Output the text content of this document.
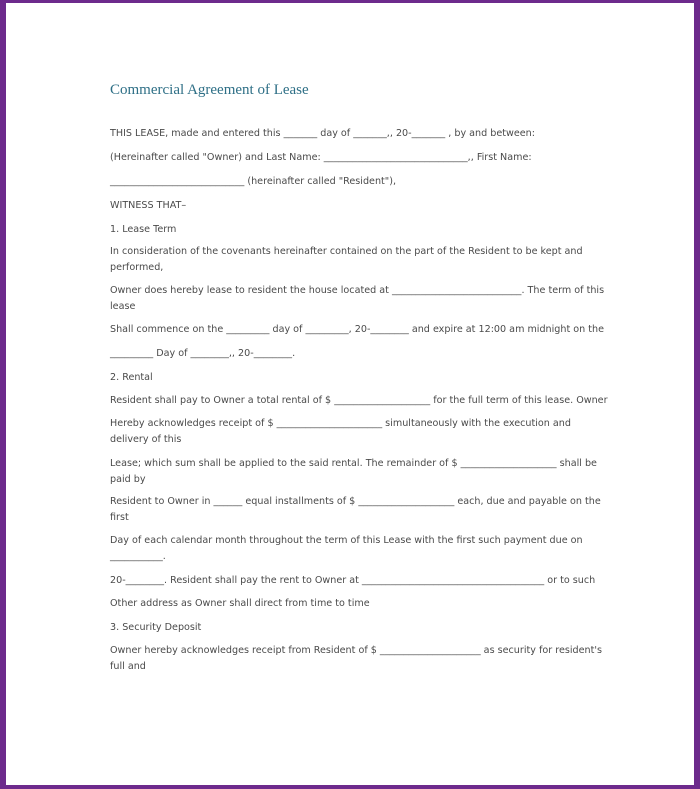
Commercial Agreement of Lease
THIS LEASE, made and entered this _______ day of _______,, 20-_______ , by and between:
(Hereinafter called "Owner) and Last Name: ______________________________,, First Name:
____________________________ (hereinafter called "Resident"),
WITNESS THAT–
1. Lease Term
In consideration of the covenants hereinafter contained on the part of the Resident to be kept and performed,
Owner does hereby lease to resident the house located at ___________________________. The term of this lease
Shall commence on the _________ day of _________, 20-________ and expire at 12:00 am midnight on the
_________ Day of ________,, 20-________.
2. Rental
Resident shall pay to Owner a total rental of $ ____________________ for the full term of this lease. Owner
Hereby acknowledges receipt of $ ______________________ simultaneously with the execution and delivery of this
Lease; which sum shall be applied to the said rental. The remainder of $ ____________________ shall be paid by
Resident to Owner in ______ equal installments of $ ____________________ each, due and payable on the first
Day of each calendar month throughout the term of this Lease with the first such payment due on ___________.
20-________. Resident shall pay the rent to Owner at ______________________________________ or to such
Other address as Owner shall direct from time to time
3. Security Deposit
Owner hereby acknowledges receipt from Resident of $ _____________________ as security for resident's full and
